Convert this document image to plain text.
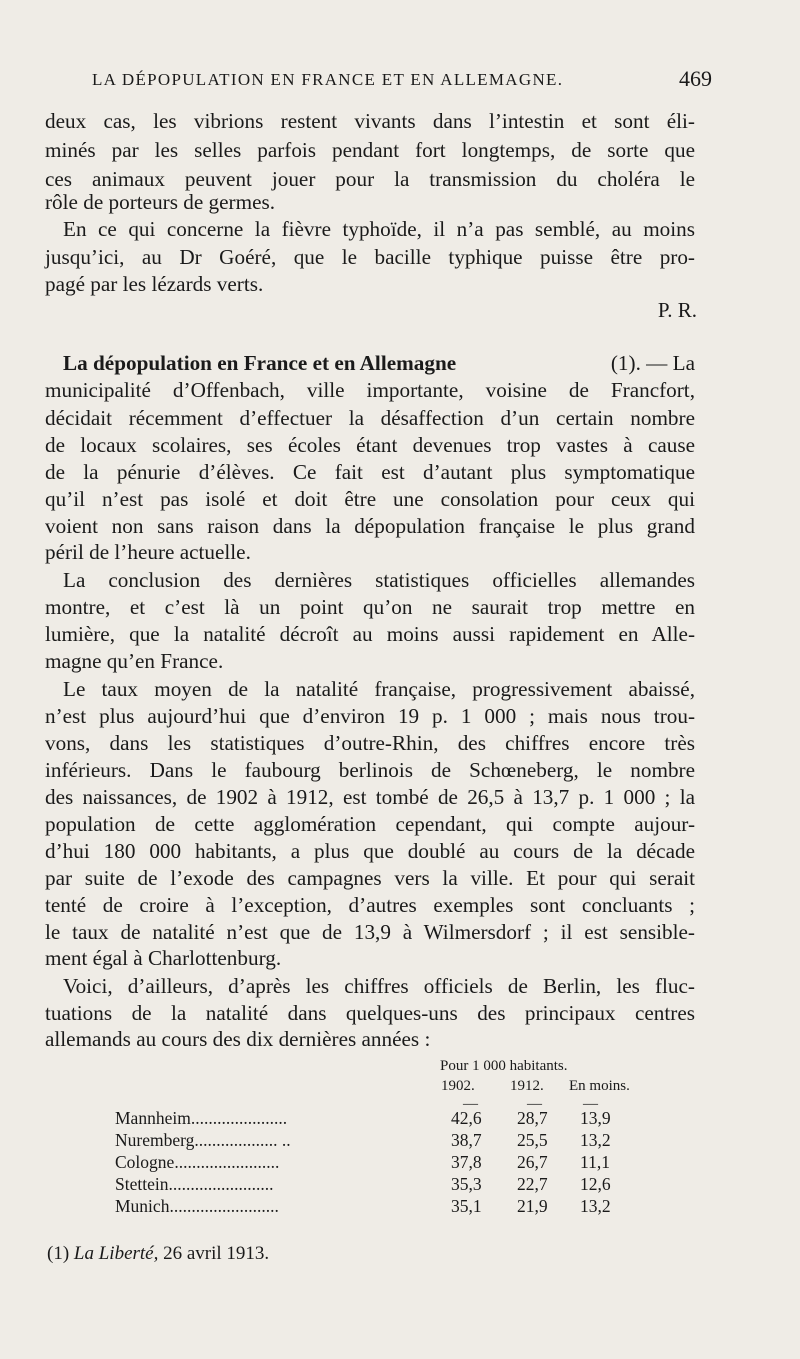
LA DÉPOPULATION EN FRANCE ET EN ALLEMAGNE.	469
deux cas, les vibrions restent vivants dans l’intestin et sont éli-
minés par les selles parfois pendant fort longtemps, de sorte que
ces animaux peuvent jouer pour la transmission du choléra le
rôle de porteurs de germes.
En ce qui concerne la fièvre typhoïde, il n’a pas semblé, au moins
jusqu’ici, au Dr Goéré, que le bacille typhique puisse être pro-
pagé par les lézards verts.
P. R.
La dépopulation en France et en Allemagne	(1). — La
municipalité d’Offenbach, ville importante, voisine de Francfort,
décidait récemment d’effectuer la désaffection d’un certain nombre
de locaux scolaires, ses écoles étant devenues trop vastes à cause
de la pénurie d’élèves. Ce fait est d’autant plus symptomatique
qu’il n’est pas isolé et doit être une consolation pour ceux qui
voient non sans raison dans la dépopulation française le plus grand
péril de l’heure actuelle.
La conclusion des dernières statistiques officielles allemandes
montre, et c’est là un point qu’on ne saurait trop mettre en
lumière, que la natalité décroît au moins aussi rapidement en Alle-
magne qu’en France.
Le taux moyen de la natalité française, progressivement abaissé,
n’est plus aujourd’hui que d’environ 19 p. 1 000 ; mais nous trou-
vons, dans les statistiques d’outre-Rhin, des chiffres encore très
inférieurs. Dans le faubourg berlinois de Schœneberg, le nombre
des naissances, de 1902 à 1912, est tombé de 26,5 à 13,7 p. 1 000 ; la
population de cette agglomération cependant, qui compte aujour-
d’hui 180 000 habitants, a plus que doublé au cours de la décade
par suite de l’exode des campagnes vers la ville. Et pour qui serait
tenté de croire à l’exception, d’autres exemples sont concluants ;
le taux de natalité n’est que de 13,9 à Wilmersdorf ; il est sensible-
ment égal à Charlottenburg.
Voici, d’ailleurs, d’après les chiffres officiels de Berlin, les fluc-
tuations de la natalité dans quelques-uns des principaux centres
allemands au cours des dix dernières années :
Pour 1 000 habitants.
1902. 1912. En moins.
—	—	—
Mannheim......................	42,6 28,7 13,9
Nuremberg................... ..	38,7 25,5 13,2
Cologne........................	37,8 26,7 11,1
Stettein........................	35,3 22,7 12,6
Munich.........................	35,1 21,9 13,2
(1) La Liberté, 26 avril 1913.
